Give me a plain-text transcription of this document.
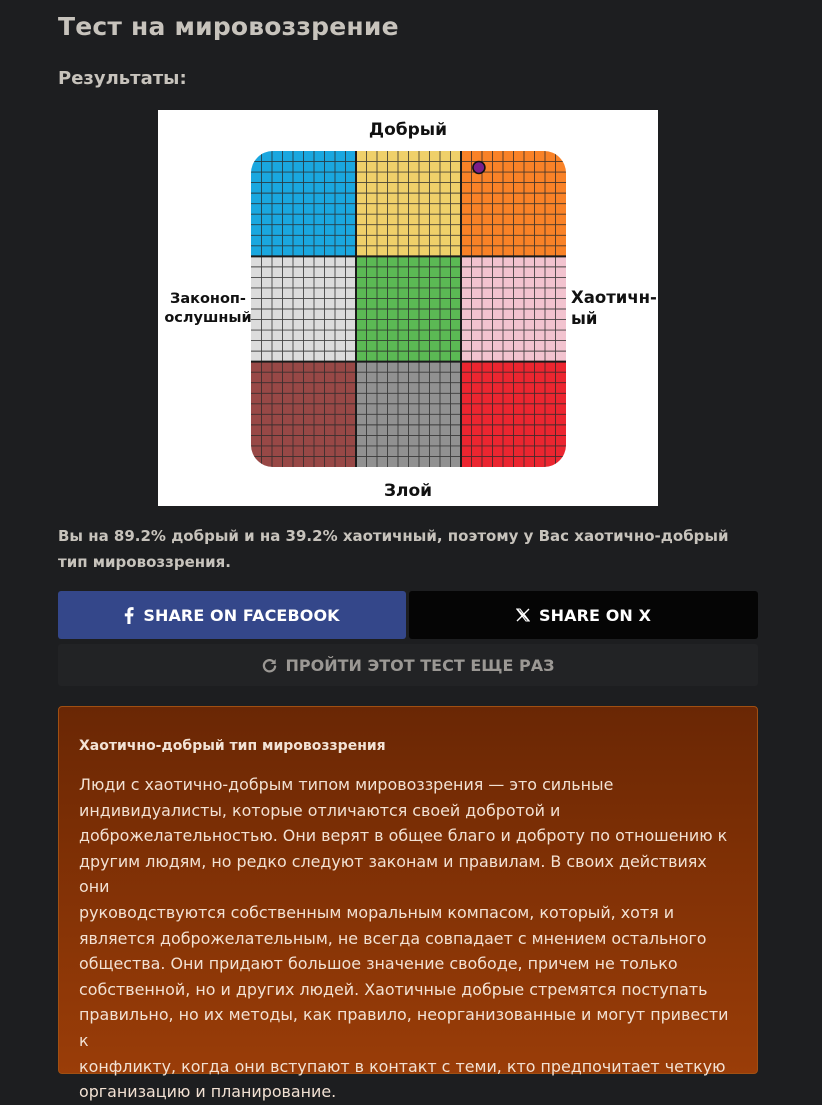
Тест на мировоззрение
Результаты:
Добрый
Злой
Законоп-ослушный
Хаотичн-ый
Вы на 89.2% добрый и на 39.2% хаотичный, поэтому у Вас хаотично-добрый тип мировоззрения.
SHARE ON FACEBOOK	SHARE ON X
ПРОЙТИ ЭТОТ ТЕСТ ЕЩЕ РАЗ
Хаотично-добрый тип мировоззрения
Люди с хаотично-добрым типом мировоззрения — это сильные
индивидуалисты, которые отличаются своей добротой и
доброжелательностью. Они верят в общее благо и доброту по отношению к
другим людям, но редко следуют законам и правилам. В своих действиях они
руководствуются собственным моральным компасом, который, хотя и
является доброжелательным, не всегда совпадает с мнением остального
общества. Они придают большое значение свободе, причем не только
собственной, но и других людей. Хаотичные добрые стремятся поступать
правильно, но их методы, как правило, неорганизованные и могут привести к
конфликту, когда они вступают в контакт с теми, кто предпочитает четкую
организацию и планирование.
